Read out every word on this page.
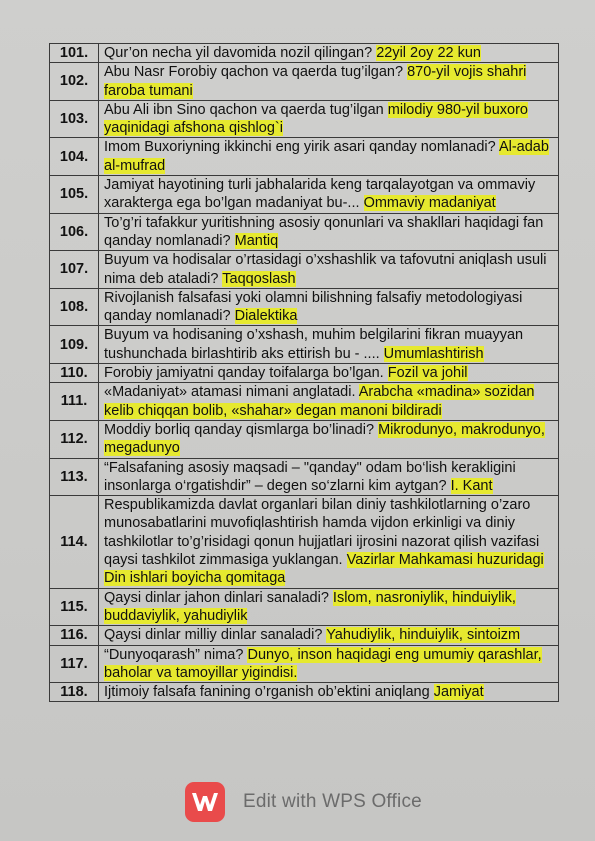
101.	Qur’on necha yil davomida nozil qilingan? 22yil 2oy 22 kun
102.	Abu Nasr Forobiy qachon va qaerda tug’ilgan? 870-yil vojis shahri faroba tumani
103.	Abu Ali ibn Sino qachon va qaerda tug’ilgan milodiy 980-yil buxoro yaqinidagi afshona qishlog`i
104.	Imom Buxoriyning ikkinchi eng yirik asari qanday nomlanadi? Al-adab al-mufrad
105.	Jamiyat hayotining turli jabhalarida keng tarqalayotgan va ommaviy xarakterga ega bo’lgan madaniyat bu-... Ommaviy madaniyat
106.	To’g’ri tafakkur yuritishning asosiy qonunlari va shakllari haqidagi fan qanday nomlanadi? Mantiq
107.	Buyum va hodisalar o’rtasidagi o’xshashlik va tafovutni aniqlash usuli nima deb ataladi? Taqqoslash
108.	Rivojlanish falsafasi yoki olamni bilishning falsafiy metodologiyasi qanday nomlanadi? Dialektika
109.	Buyum va hodisaning o’xshash, muhim belgilarini fikran muayyan tushunchada birlashtirib aks ettirish bu - .... Umumlashtirish
110.	Forobiy jamiyatni qanday toifalarga bo’lgan. Fozil va johil
111.	«Madaniyat» atamasi nimani anglatadi. Arabcha «madina» sozidan kelib chiqqan bolib, «shahar» degan manoni bildiradi
112.	Moddiy borliq qanday qismlarga bo’linadi? Mikrodunyo, makrodunyo, megadunyo
113.	“Falsafaning asosiy maqsadi – "qanday" odam bo‘lish kerakligini insonlarga o‘rgatishdir” – degen so‘zlarni kim aytgan? I. Kant
114.	Respublikamizda davlat organlari bilan diniy tashkilotlarning o’zaro munosabatlarini muvofiqlashtirish hamda vijdon erkinligi va diniy tashkilotlar to’g’risidagi qonun hujjatlari ijrosini nazorat qilish vazifasi qaysi tashkilot zimmasiga yuklangan. Vazirlar Mahkamasi huzuridagi Din ishlari boyicha qomitaga
115.	Qaysi dinlar jahon dinlari sanaladi? Islom, nasroniylik, hinduiylik, buddaviylik, yahudiylik
116.	Qaysi dinlar milliy dinlar sanaladi? Yahudiylik, hinduiylik, sintoizm
117.	“Dunyoqarash” nima? Dunyo, inson haqidagi eng umumiy qarashlar, baholar va tamoyillar yigindisi.
118.	Ijtimoiy falsafa fanining o’rganish ob’ektini aniqlang Jamiyat
Edit with WPS Office
